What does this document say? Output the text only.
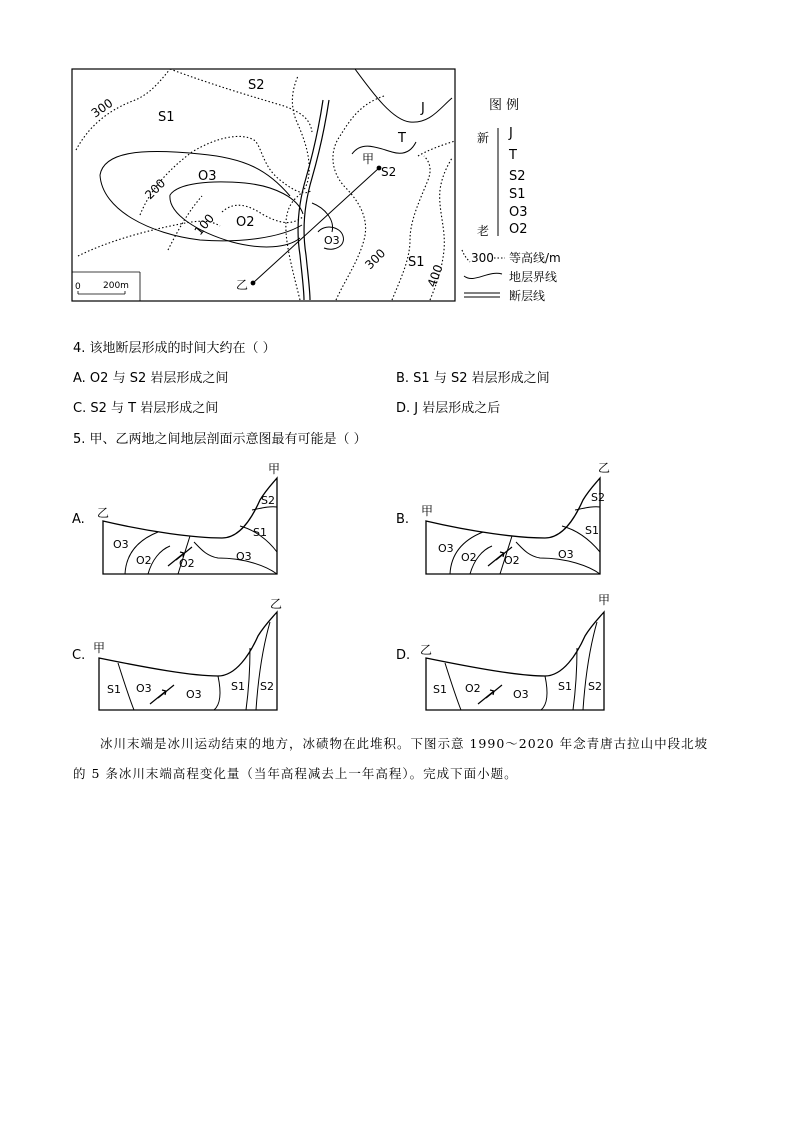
S2
S1
O3
O2
O3
T
J
S2
S1
300
200
100
300
400
甲
乙
0 200m
图 例
新
老
J
T
S2
S1
O3
O2
300 等高线/m
地层界线
断层线
4. 该地断层形成的时间大约在（ ）
A. O2 与 S2 岩层形成之间	B. S1 与 S2 岩层形成之间
C. S2 与 T 岩层形成之间	D. J 岩层形成之后
5. 甲、乙两地之间地层剖面示意图最有可能是（ ）
A. 乙
甲
S2
S1
O3
O2 O2
O3
B.
甲
乙
S2
S1
O3
O2 O2	O3
C. 甲
乙
S1 O3	O3
S1 S2
D. 乙
甲
S1 O2	O3
S1 S2
冰川末端是冰川运动结束的地方，冰碛物在此堆积。下图示意 1990～2020 年念青唐古拉山中段北坡
的 5 条冰川末端高程变化量（当年高程减去上一年高程）。完成下面小题。
